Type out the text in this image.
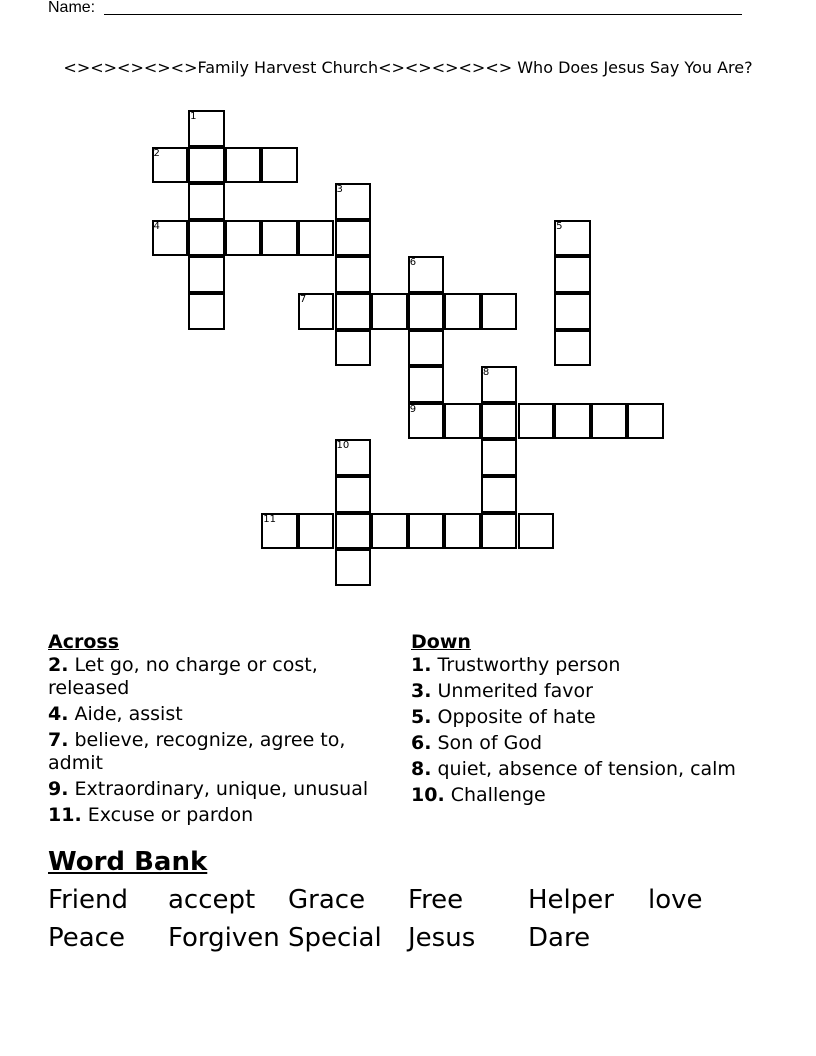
Name:
<><><><><>Family Harvest Church<><><><><> Who Does Jesus Say You Are?
1
2
3
4	5
6
7
8
9
10
11
Across
2. Let go, no charge or cost, released
4. Aide, assist
7. believe, recognize, agree to, admit
9. Extraordinary, unique, unusual
11. Excuse or pardon
Down
1. Trustworthy person
3. Unmerited favor
5. Opposite of hate
6. Son of God
8. quiet, absence of tension, calm
10. Challenge
Word Bank
Friend accept Grace Free Helper love
Peace Forgiven Special Jesus Dare
